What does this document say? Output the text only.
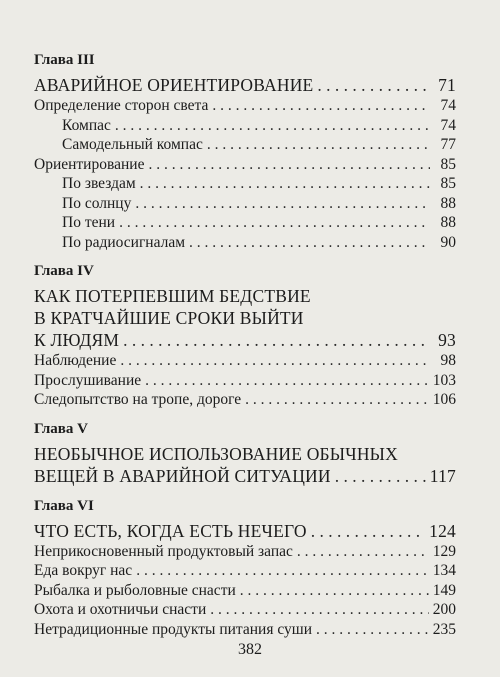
Глава III
АВАРИЙНОЕ ОРИЕНТИРОВАНИЕ . . .	71
Определение сторон света . . .	74
Компас . . .	74
Самодельный компас . . .	77
Ориентирование . . .	85
По звездам . . .	85
По солнцу . . .	88
По тени . . .	88
По радиосигналам . . .	90
Глава IV
КАК ПОТЕРПЕВШИМ БЕДСТВИЕ
В КРАТЧАЙШИЕ СРОКИ ВЫЙТИ
К ЛЮДЯМ . . .	93
Наблюдение . . .	98
Прослушивание . . .	103
Следопытство на тропе, дороге . . .	106
Глава V
НЕОБЫЧНОЕ ИСПОЛЬЗОВАНИЕ ОБЫЧНЫХ
ВЕЩЕЙ В АВАРИЙНОЙ СИТУАЦИИ . . .	117
Глава VI
ЧТО ЕСТЬ, КОГДА ЕСТЬ НЕЧЕГО . . .	124
Неприкосновенный продуктовый запас . . .	129
Еда вокруг нас . . .	134
Рыбалка и рыболовные снасти . . .	149
Охота и охотничьи снасти . . .	200
Нетрадиционные продукты питания суши . . .	235
382
